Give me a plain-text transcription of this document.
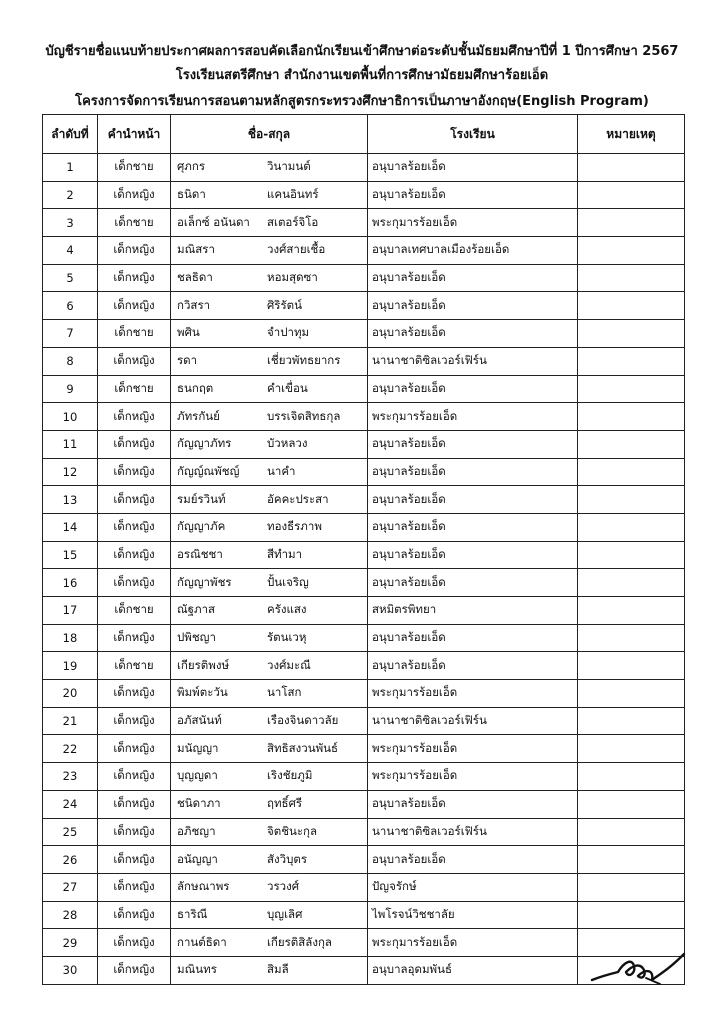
บัญชีรายชื่อแนบท้ายประกาศผลการสอบคัดเลือกนักเรียนเข้าศึกษาต่อระดับชั้นมัธยมศึกษาปีที่ 1 ปีการศึกษา 2567
โรงเรียนสตรีศึกษา สำนักงานเขตพื้นที่การศึกษามัธยมศึกษาร้อยเอ็ด
โครงการจัดการเรียนการสอนตามหลักสูตรกระทรวงศึกษาธิการเป็นภาษาอังกฤษ(English Program)
ลำดับที่	คำนำหน้า	ชื่อ-สกุล	โรงเรียน	หมายเหตุ
1	เด็กชาย	ศุภกร วินามนต์	อนุบาลร้อยเอ็ด	
2	เด็กหญิง	ธนิดา แคนอินทร์	อนุบาลร้อยเอ็ด	
3	เด็กชาย	อเล็กซ์ อนันดา สเตอร์จิโอ	พระกุมารร้อยเอ็ด	
4	เด็กหญิง	มณิสรา วงศ์สายเชื้อ	อนุบาลเทศบาลเมืองร้อยเอ็ด	
5	เด็กหญิง	ชลธิดา หอมสุดซา	อนุบาลร้อยเอ็ด	
6	เด็กหญิง	กวิสรา ศิริรัตน์	อนุบาลร้อยเอ็ด	
7	เด็กชาย	พศิน จำปาทุม	อนุบาลร้อยเอ็ด	
8	เด็กหญิง	รดา เชี่ยวพัทธยากร	นานาชาติซิลเวอร์เฟิร์น	
9	เด็กชาย	ธนกฤต คำเขื่อน	อนุบาลร้อยเอ็ด	
10	เด็กหญิง	ภัทรกันย์ บรรเจิดสิทธกุล	พระกุมารร้อยเอ็ด	
11	เด็กหญิง	กัญญาภัทร บัวหลวง	อนุบาลร้อยเอ็ด	
12	เด็กหญิง	กัญญ์ณพัชญ์ นาคำ	อนุบาลร้อยเอ็ด	
13	เด็กหญิง	รมย์รวินท์ อัคคะประสา	อนุบาลร้อยเอ็ด	
14	เด็กหญิง	กัญญาภัค ทองธีรภาพ	อนุบาลร้อยเอ็ด	
15	เด็กหญิง	อรณิชชา สีทำมา	อนุบาลร้อยเอ็ด	
16	เด็กหญิง	กัญญาพัชร ปั้นเจริญ	อนุบาลร้อยเอ็ด	
17	เด็กชาย	ณัฐภาส ครังแสง	สหมิตรพิทยา	
18	เด็กหญิง	ปพิชญา รัตนเวหุ	อนุบาลร้อยเอ็ด	
19	เด็กชาย	เกียรติพงษ์ วงศ์มะณี	อนุบาลร้อยเอ็ด	
20	เด็กหญิง	พิมพ์ตะวัน นาโสก	พระกุมารร้อยเอ็ด	
21	เด็กหญิง	อภัสนันท์ เรืองจินดาวลัย	นานาชาติซิลเวอร์เฟิร์น	
22	เด็กหญิง	มนัญญา สิทธิสงวนพันธ์	พระกุมารร้อยเอ็ด	
23	เด็กหญิง	บุญญดา เริงชัยภูมิ	พระกุมารร้อยเอ็ด	
24	เด็กหญิง	ชนิดาภา ฤทธิ์ศรี	อนุบาลร้อยเอ็ด	
25	เด็กหญิง	อภิชญา จิตชินะกุล	นานาชาติซิลเวอร์เฟิร์น	
26	เด็กหญิง	อนัญญา สังวิบุตร	อนุบาลร้อยเอ็ด	
27	เด็กหญิง	ลักษณาพร วรวงศ์	ปัญจรักษ์	
28	เด็กหญิง	ธาริณี บุญเลิศ	ไพโรจน์วิชชาลัย	
29	เด็กหญิง	กานต์ธิดา เกียรติสิลังกุล	พระกุมารร้อยเอ็ด	
30	เด็กหญิง	มณินทร สิมลี	อนุบาลอุดมพันธ์	
